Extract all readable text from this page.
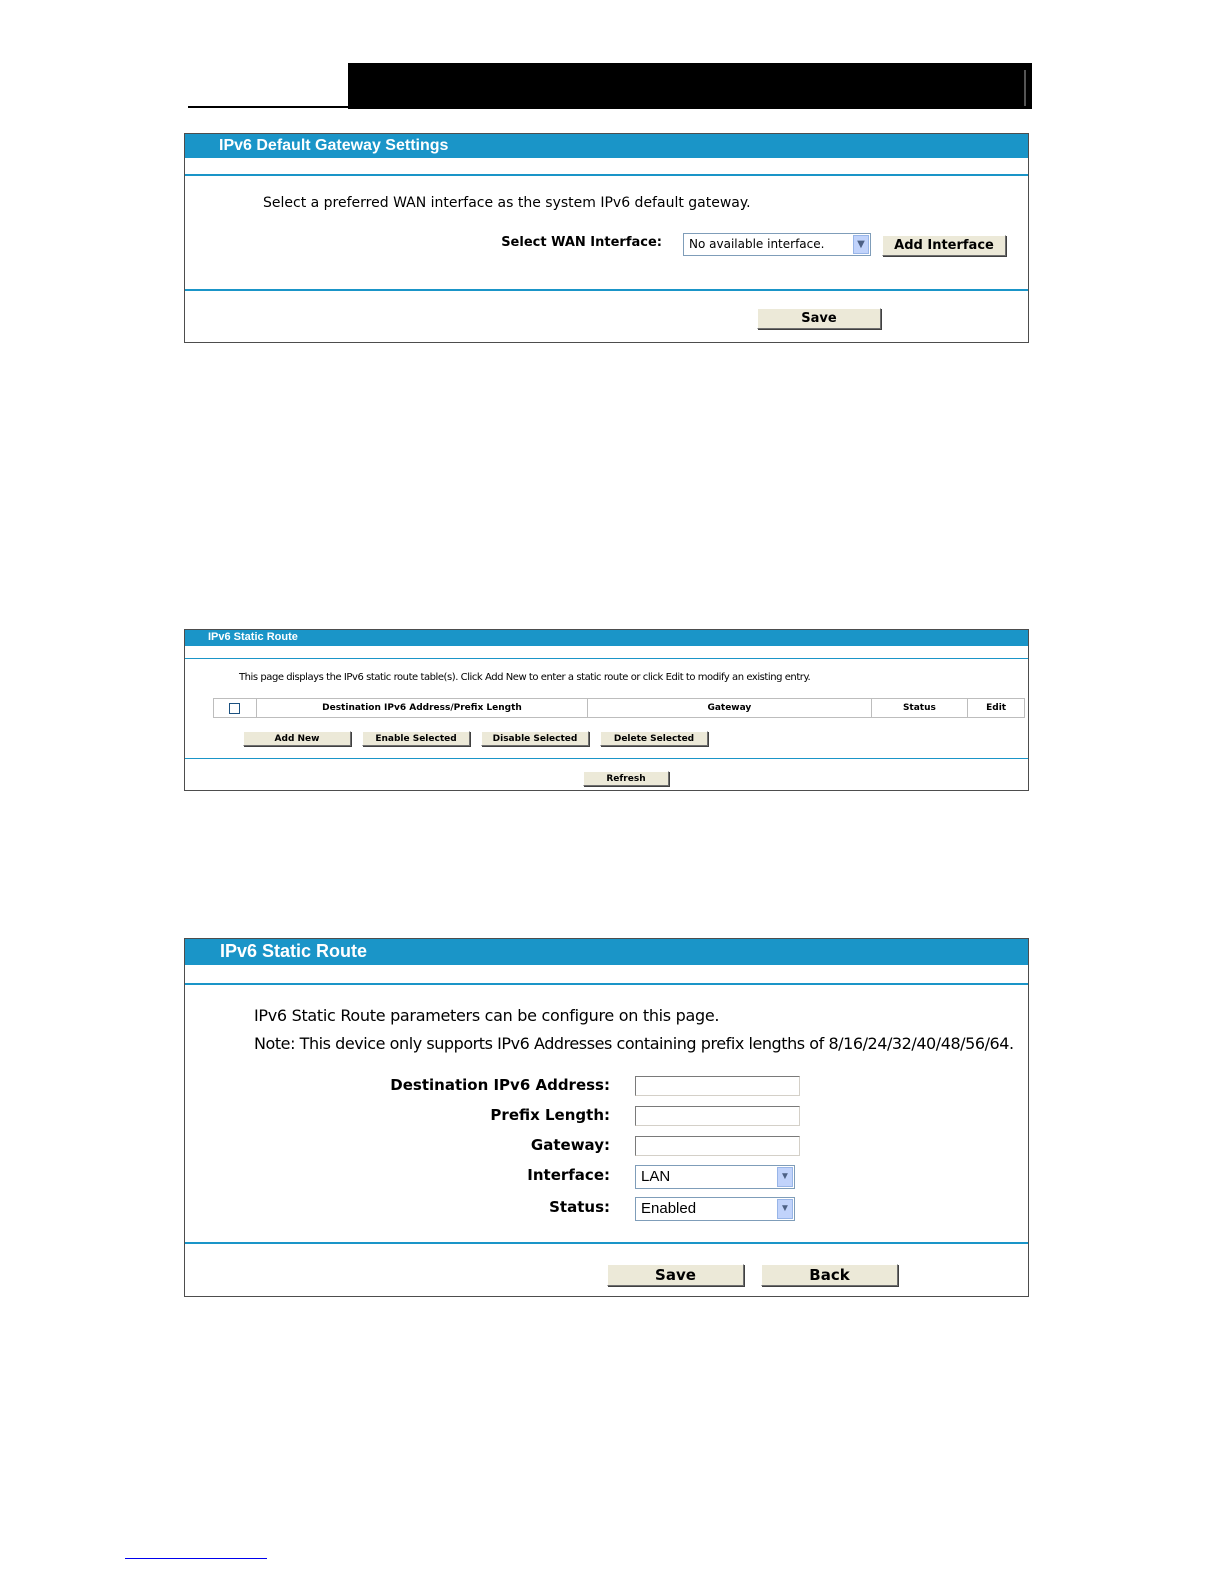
IPv6 Default Gateway Settings
Select a preferred WAN interface as the system IPv6 default gateway.
Select WAN Interface:	No available interface.	▼	Add Interface
Save
IPv6 Static Route
This page displays the IPv6 static route table(s). Click Add New to enter a static route or click Edit to modify an existing entry.
	Destination IPv6 Address/Prefix Length	Gateway	Status	Edit
Add New	Enable Selected	Disable Selected	Delete Selected
Refresh
IPv6 Static Route
IPv6 Static Route parameters can be configure on this page.
Note: This device only supports IPv6 Addresses containing prefix lengths of 8/16/24/32/40/48/56/64.
Destination IPv6 Address:
Prefix Length:
Gateway:
Interface:	LAN	▼
Status:	Enabled	▼
Save	Back
